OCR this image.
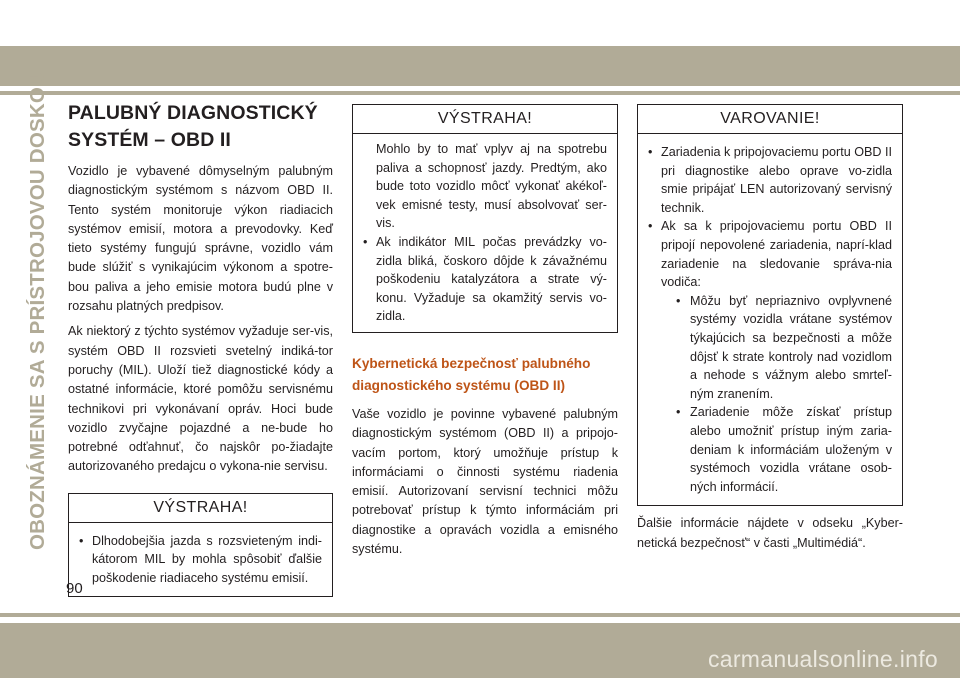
OBOZNÁMENIE SA S PRÍSTROJOVOU DOSKOU PALUBNÝ DIAGNOSTICKÝ
SYSTÉM – OBD II

Vozidlo je vybavené dômyselným palubným diagnostickým systémom s názvom OBD II. Tento systém monitoruje výkon riadiacich systémov emisií, motora a prevodovky. Keď tieto systémy fungujú správne, vozidlo vám bude slúžiť s vynikajúcim výkonom a spotre-bou paliva a jeho emisie motora budú plne v rozsahu platných predpisov.

Ak niektorý z týchto systémov vyžaduje ser-vis, systém OBD II rozsvieti svetelný indiká-tor poruchy (MIL). Uloží tiež diagnostické kódy a ostatné informácie, ktoré pomôžu servisnému technikovi pri vykonávaní opráv. Hoci bude vozidlo zvyčajne pojazdné a ne-bude ho potrebné odťahnuť, čo najskôr po-žiadajte autorizovaného predajcu o vykona-nie servisu.

VÝSTRAHA!
• Dlhodobejšia jazda s rozsvieteným indi-kátorom MIL by mohla spôsobiť ďalšie poškodenie riadiaceho systému emisií.
VÝSTRAHA!
Mohlo by to mať vplyv aj na spotrebu paliva a schopnosť jazdy. Predtým, ako bude toto vozidlo môcť vykonať akékoľ-vek emisné testy, musí absolvovať ser-vis.
• Ak indikátor MIL počas prevádzky vo-zidla bliká, čoskoro dôjde k závažnému poškodeniu katalyzátora a strate vý-konu. Vyžaduje sa okamžitý servis vo-zidla.
Kybernetická bezpečnosť palubného diagnostického systému (OBD II)

Vaše vozidlo je povinne vybavené palubným diagnostickým systémom (OBD II) a pripojo-vacím portom, ktorý umožňuje prístup k informáciami o činnosti systému riadenia emisií. Autorizovaní servisní technici môžu potrebovať prístup k týmto informáciám pri diagnostike a opravách vozidla a emisného systému.

VAROVANIE!
• Zariadenia k pripojovaciemu portu OBD II pri diagnostike alebo oprave vo-zidla smie pripájať LEN autorizovaný servisný technik.
• Ak sa k pripojovaciemu portu OBD II pripojí nepovolené zariadenia, naprí-klad zariadenie na sledovanie správa-nia vodiča:
• Môžu byť nepriaznivo ovplyvnené systémy vozidla vrátane systémov týkajúcich sa bezpečnosti a môže dôjsť k strate kontroly nad vozidlom a nehode s vážnym alebo smrteľ-ným zranením.
• Zariadenie môže získať prístup alebo umožniť prístup iným zaria-deniam k informáciám uloženým v systémoch vozidla vrátane osob-ných informácií.

Ďalšie informácie nájdete v odseku „Kyber-netická bezpečnosť“ v časti „Multimédiá“.

90
carmanualsonline.info
